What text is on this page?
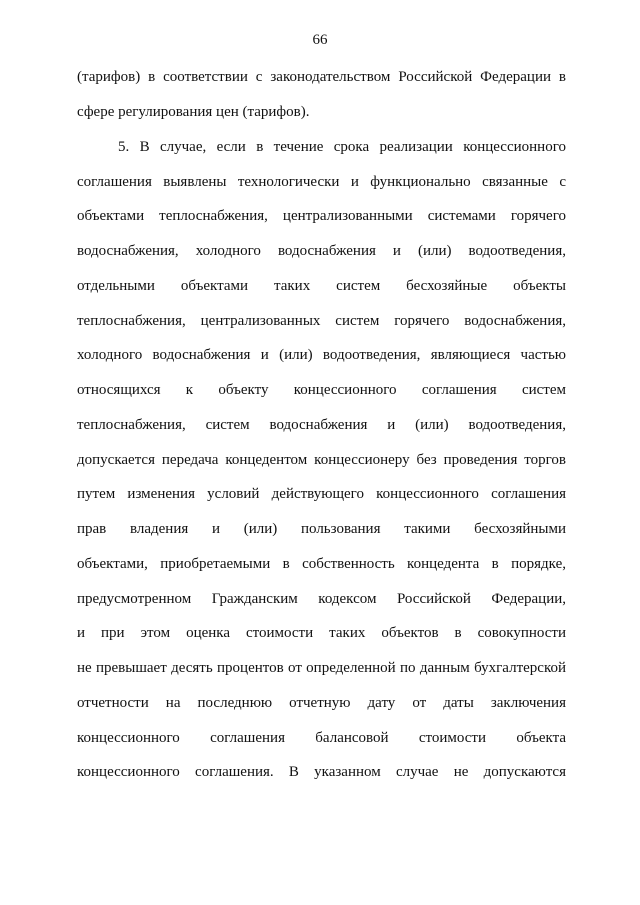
66
(тарифов) в соответствии с законодательством Российской Федерации в
сфере регулирования цен (тарифов).
5. В случае, если в течение срока реализации концессионного
соглашения выявлены технологически и функционально связанные с
объектами теплоснабжения, централизованными системами горячего
водоснабжения, холодного водоснабжения и (или) водоотведения,
отдельными объектами таких систем бесхозяйные объекты
теплоснабжения, централизованных систем горячего водоснабжения,
холодного водоснабжения и (или) водоотведения, являющиеся частью
относящихся к объекту концессионного соглашения систем
теплоснабжения, систем водоснабжения и (или) водоотведения,
допускается передача концедентом концессионеру без проведения торгов
путем изменения условий действующего концессионного соглашения
прав владения и (или) пользования такими бесхозяйными
объектами, приобретаемыми в собственность концедента в порядке,
предусмотренном Гражданским кодексом Российской Федерации,
и при этом оценка стоимости таких объектов в совокупности
не превышает десять процентов от определенной по данным бухгалтерской
отчетности на последнюю отчетную дату от даты заключения
концессионного соглашения балансовой стоимости объекта
концессионного соглашения. В указанном случае не допускаются
